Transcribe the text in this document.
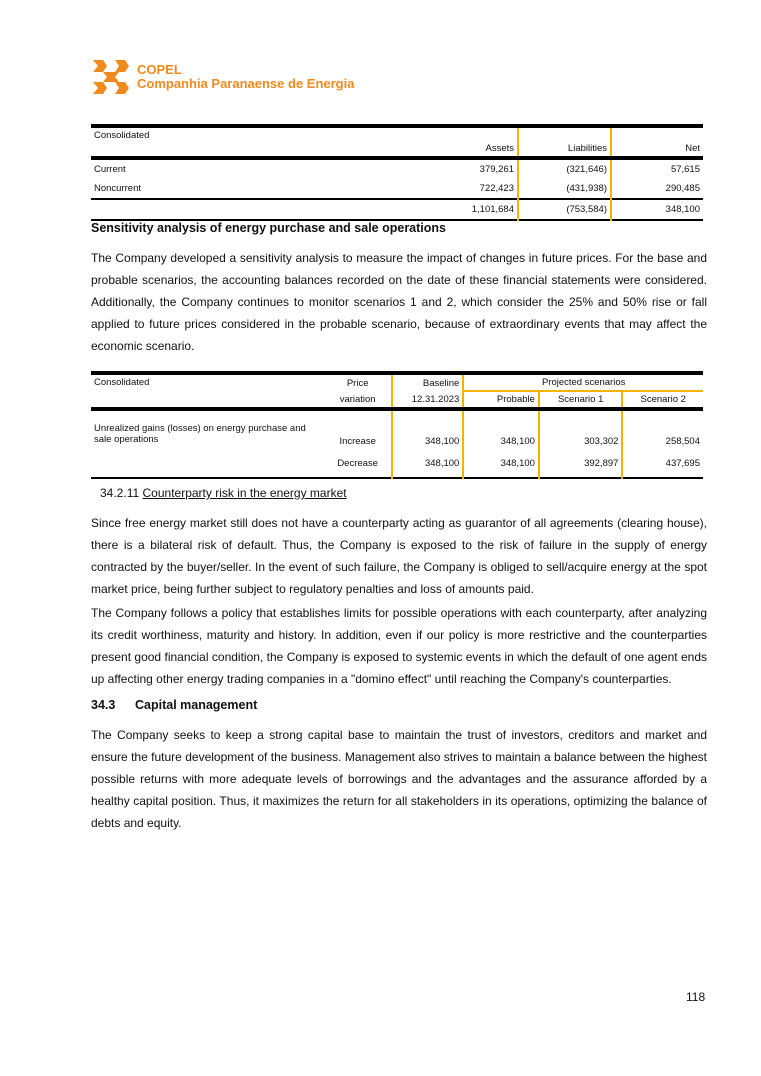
COPEL
Companhia Paranaense de Energia
Consolidated	Assets	Liabilities	Net
Current	379,261	(321,646)	57,615
Noncurrent	722,423	(431,938)	290,485
	1,101,684	(753,584)	348,100
Sensitivity analysis of energy purchase and sale operations

The Company developed a sensitivity analysis to measure the impact of changes in future prices. For the base and probable scenarios, the accounting balances recorded on the date of these financial statements were considered. Additionally, the Company continues to monitor scenarios 1 and 2, which consider the 25% and 50% rise or fall applied to future prices considered in the probable scenario, because of extraordinary events that may affect the economic scenario.

Consolidated	Price	Baseline	Projected scenarios		
	variation	12.31.2023	Probable	Scenario 1	Scenario 2
Unrealized gains (losses) on energy purchase and sale operations	Increase	348,100	348,100	303,302	258,504
	Decrease	348,100	348,100	392,897	437,695
34.2.11 Counterparty risk in the energy market

Since free energy market still does not have a counterparty acting as guarantor of all agreements (clearing house), there is a bilateral risk of default. Thus, the Company is exposed to the risk of failure in the supply of energy contracted by the buyer/seller. In the event of such failure, the Company is obliged to sell/acquire energy at the spot market price, being further subject to regulatory penalties and loss of amounts paid.

The Company follows a policy that establishes limits for possible operations with each counterparty, after analyzing its credit worthiness, maturity and history. In addition, even if our policy is more restrictive and the counterparties present good financial condition, the Company is exposed to systemic events in which the default of one agent ends up affecting other energy trading companies in a "domino effect" until reaching the Company's counterparties.

34.3 Capital management

The Company seeks to keep a strong capital base to maintain the trust of investors, creditors and market and ensure the future development of the business. Management also strives to maintain a balance between the highest possible returns with more adequate levels of borrowings and the advantages and the assurance afforded by a healthy capital position. Thus, it maximizes the return for all stakeholders in its operations, optimizing the balance of debts and equity.

118
